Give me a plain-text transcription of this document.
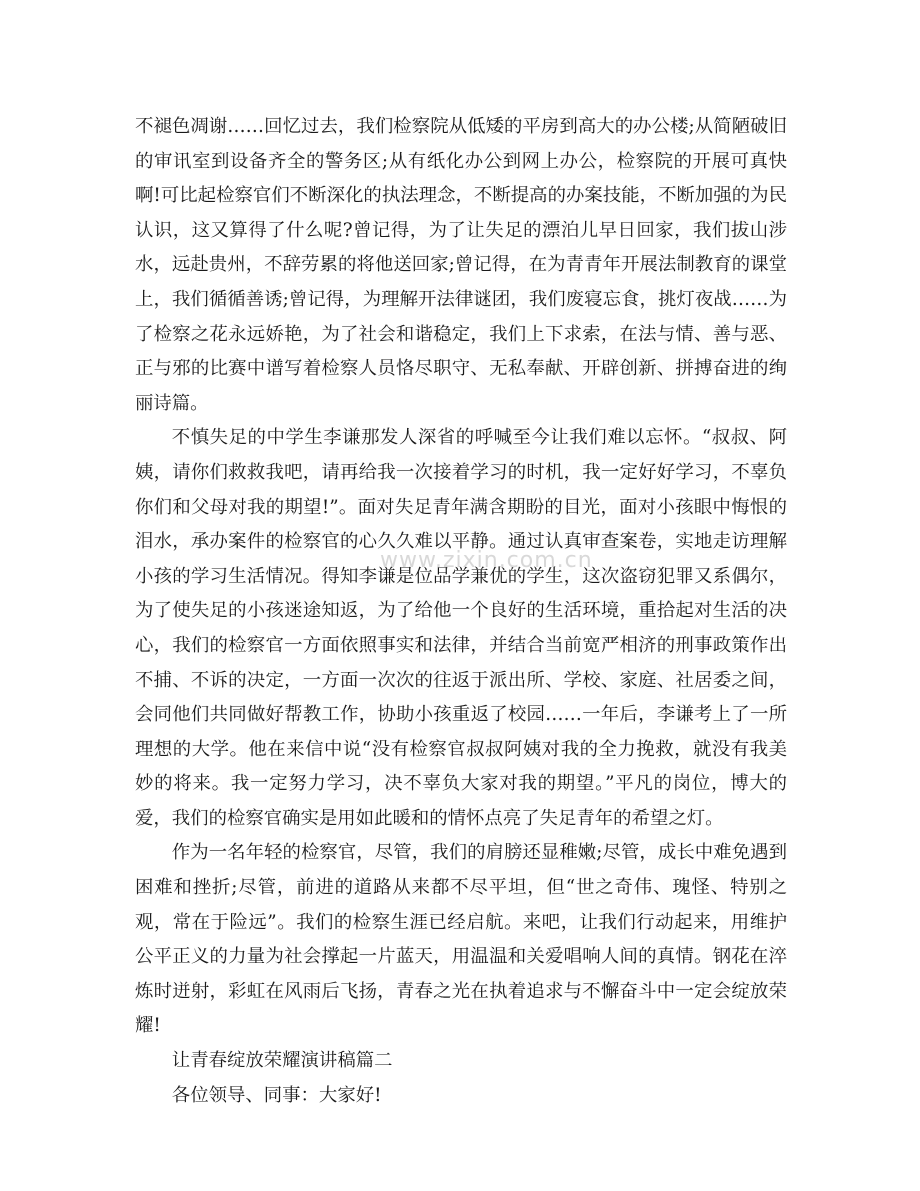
不褪色凋谢……回忆过去，我们检察院从低矮的平房到高大的办公楼;从简陋破旧的审讯室到设备齐全的警务区;从有纸化办公到网上办公，检察院的开展可真快啊!可比起检察官们不断深化的执法理念，不断提高的办案技能，不断加强的为民认识，这又算得了什么呢?曾记得，为了让失足的漂泊儿早日回家，我们拔山涉水，远赴贵州，不辞劳累的将他送回家;曾记得，在为青青年开展法制教育的课堂上，我们循循善诱;曾记得，为理解开法律谜团，我们废寝忘食，挑灯夜战……为了检察之花永远娇艳，为了社会和谐稳定，我们上下求索，在法与情、善与恶、正与邪的比赛中谱写着检察人员恪尽职守、无私奉献、开辟创新、拼搏奋进的绚丽诗篇。

不慎失足的中学生李谦那发人深省的呼喊至今让我们难以忘怀。“叔叔、阿姨，请你们救救我吧，请再给我一次接着学习的时机，我一定好好学习，不辜负你们和父母对我的期望!”。面对失足青年满含期盼的目光，面对小孩眼中悔恨的泪水，承办案件的检察官的心久久难以平静。通过认真审查案卷，实地走访理解小孩的学习生活情况。得知李谦是位品学兼优的学生，这次盗窃犯罪又系偶尔，为了使失足的小孩迷途知返，为了给他一个良好的生活环境，重拾起对生活的决心，我们的检察官一方面依照事实和法律，并结合当前宽严相济的刑事政策作出不捕、不诉的决定，一方面一次次的往返于派出所、学校、家庭、社居委之间，会同他们共同做好帮教工作，协助小孩重返了校园……一年后，李谦考上了一所理想的大学。他在来信中说“没有检察官叔叔阿姨对我的全力挽救，就没有我美妙的将来。我一定努力学习，决不辜负大家对我的期望。”平凡的岗位，博大的爱，我们的检察官确实是用如此暖和的情怀点亮了失足青年的希望之灯。

作为一名年轻的检察官，尽管，我们的肩膀还显稚嫩;尽管，成长中难免遇到困难和挫折;尽管，前进的道路从来都不尽平坦，但“世之奇伟、瑰怪、特别之观，常在于险远”。我们的检察生涯已经启航。来吧，让我们行动起来，用维护公平正义的力量为社会撑起一片蓝天，用温温和关爱唱响人间的真情。钢花在淬炼时迸射，彩虹在风雨后飞扬，青春之光在执着追求与不懈奋斗中一定会绽放荣耀!

让青春绽放荣耀演讲稿篇二

各位领导、同事：大家好!

www.zixin.com.cn
